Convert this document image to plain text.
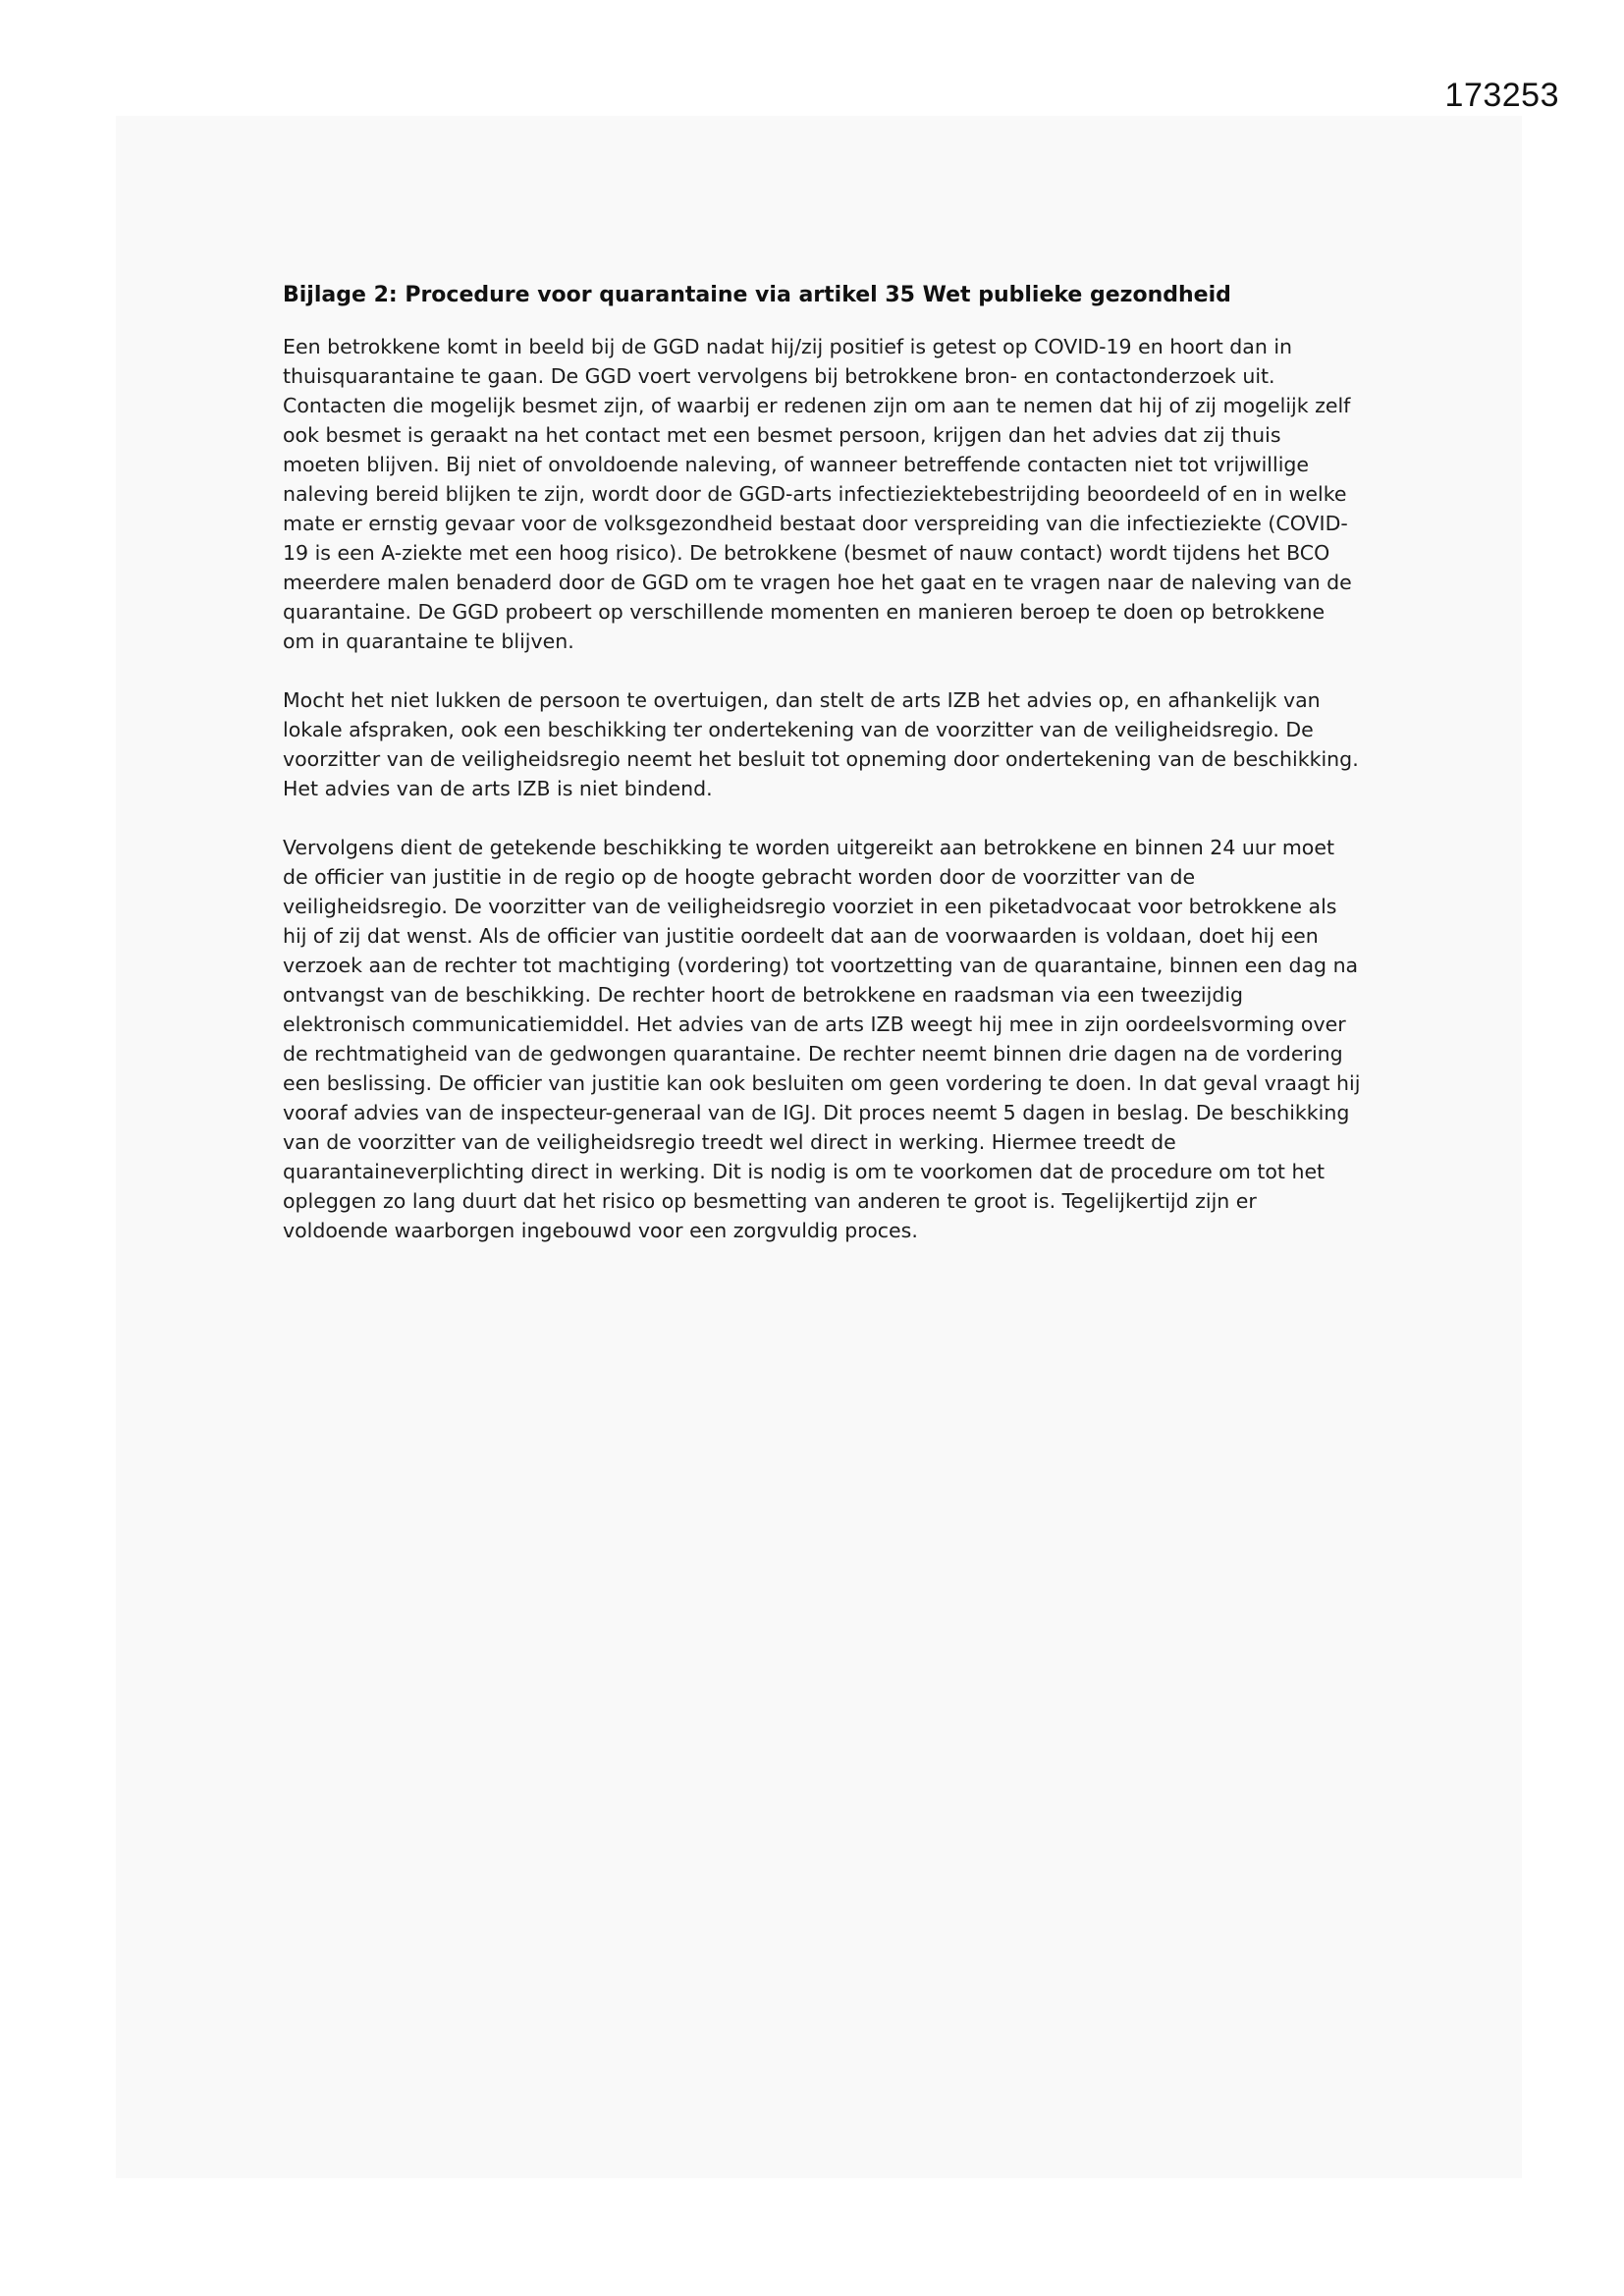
173253
Bijlage 2: Procedure voor quarantaine via artikel 35 Wet publieke gezondheid

Een betrokkene komt in beeld bij de GGD nadat hij/zij positief is getest op COVID-19 en hoort dan in thuisquarantaine te gaan. De GGD voert vervolgens bij betrokkene bron- en contactonderzoek uit. Contacten die mogelijk besmet zijn, of waarbij er redenen zijn om aan te nemen dat hij of zij mogelijk zelf ook besmet is geraakt na het contact met een besmet persoon, krijgen dan het advies dat zij thuis moeten blijven. Bij niet of onvoldoende naleving, of wanneer betreffende contacten niet tot vrijwillige naleving bereid blijken te zijn, wordt door de GGD-arts infectieziektebestrijding beoordeeld of en in welke mate er ernstig gevaar voor de volksgezondheid bestaat door verspreiding van die infectieziekte (COVID-19 is een A-ziekte met een hoog risico). De betrokkene (besmet of nauw contact) wordt tijdens het BCO meerdere malen benaderd door de GGD om te vragen hoe het gaat en te vragen naar de naleving van de quarantaine. De GGD probeert op verschillende momenten en manieren beroep te doen op betrokkene om in quarantaine te blijven.

Mocht het niet lukken de persoon te overtuigen, dan stelt de arts IZB het advies op, en afhankelijk van lokale afspraken, ook een beschikking ter ondertekening van de voorzitter van de veiligheidsregio. De voorzitter van de veiligheidsregio neemt het besluit tot opneming door ondertekening van de beschikking. Het advies van de arts IZB is niet bindend.

Vervolgens dient de getekende beschikking te worden uitgereikt aan betrokkene en binnen 24 uur moet de officier van justitie in de regio op de hoogte gebracht worden door de voorzitter van de veiligheidsregio. De voorzitter van de veiligheidsregio voorziet in een piketadvocaat voor betrokkene als hij of zij dat wenst. Als de officier van justitie oordeelt dat aan de voorwaarden is voldaan, doet hij een verzoek aan de rechter tot machtiging (vordering) tot voortzetting van de quarantaine, binnen een dag na ontvangst van de beschikking. De rechter hoort de betrokkene en raadsman via een tweezijdig elektronisch communicatiemiddel. Het advies van de arts IZB weegt hij mee in zijn oordeelsvorming over de rechtmatigheid van de gedwongen quarantaine. De rechter neemt binnen drie dagen na de vordering een beslissing. De officier van justitie kan ook besluiten om geen vordering te doen. In dat geval vraagt hij vooraf advies van de inspecteur-generaal van de IGJ. Dit proces neemt 5 dagen in beslag. De beschikking van de voorzitter van de veiligheidsregio treedt wel direct in werking. Hiermee treedt de quarantaineverplichting direct in werking. Dit is nodig is om te voorkomen dat de procedure om tot het opleggen zo lang duurt dat het risico op besmetting van anderen te groot is. Tegelijkertijd zijn er voldoende waarborgen ingebouwd voor een zorgvuldig proces.
